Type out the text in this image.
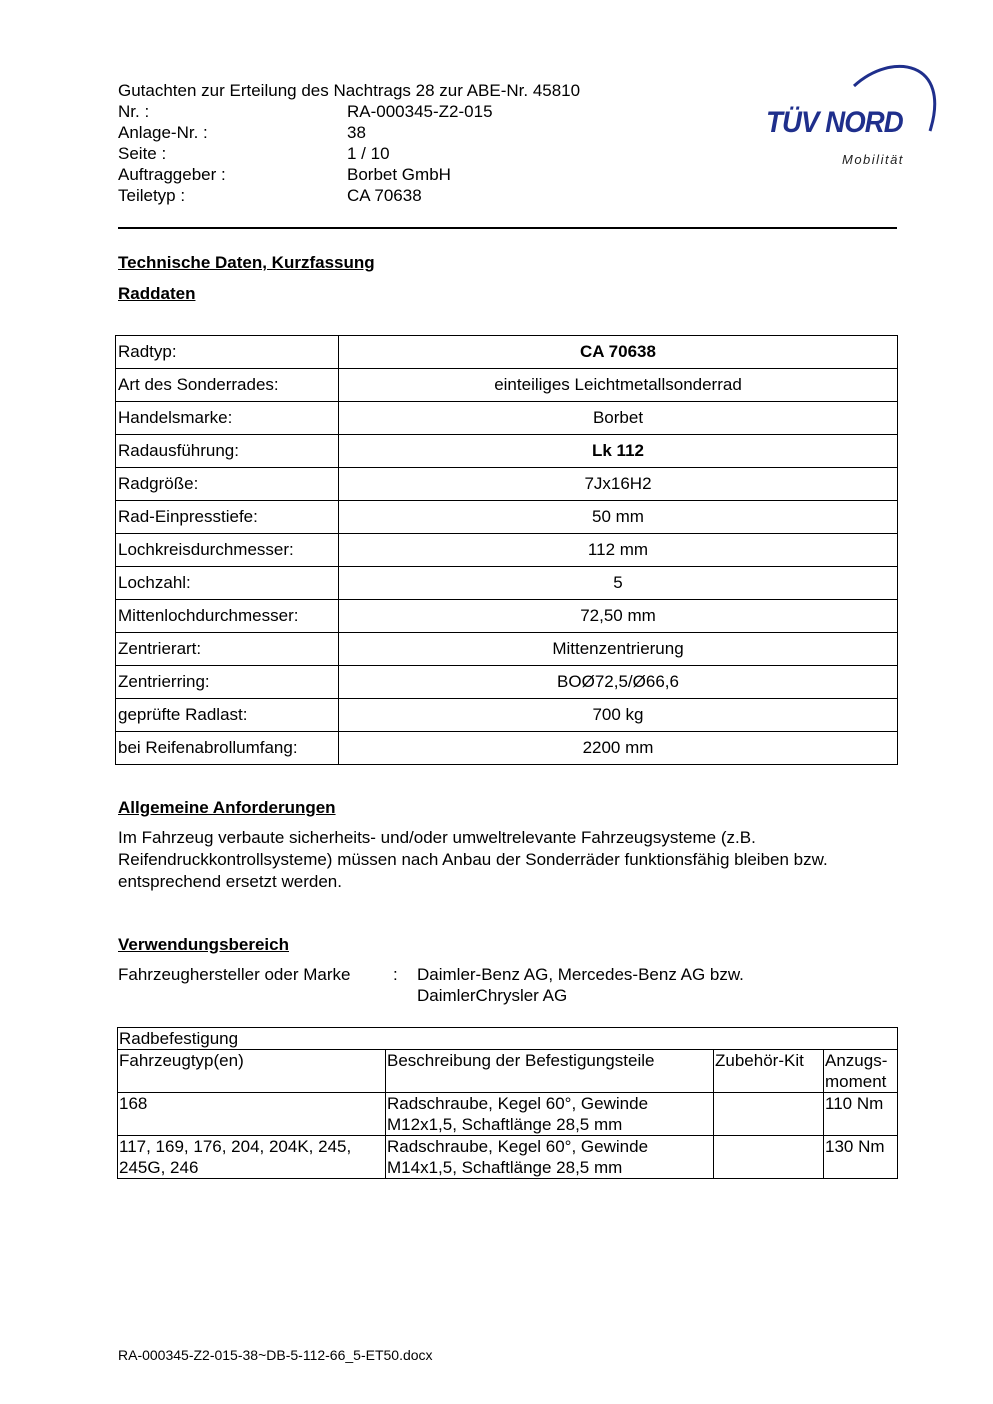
Gutachten zur Erteilung des Nachtrags 28 zur ABE-Nr. 45810
Nr. :	RA-000345-Z2-015
Anlage-Nr. :	38
Seite :	1 / 10
Auftraggeber :	Borbet GmbH
Teiletyp :	CA 70638
TÜV NORD
Mobilität
Technische Daten, Kurzfassung
Raddaten
Radtyp:	CA 70638
Art des Sonderrades:	einteiliges Leichtmetallsonderrad
Handelsmarke:	Borbet
Radausführung:	Lk 112
Radgröße:	7Jx16H2
Rad-Einpresstiefe:	50 mm
Lochkreisdurchmesser:	112 mm
Lochzahl:	5
Mittenlochdurchmesser:	72,50 mm
Zentrierart:	Mittenzentrierung
Zentrierring:	BOØ72,5/Ø66,6
geprüfte Radlast:	700 kg
bei Reifenabrollumfang:	2200 mm
Allgemeine Anforderungen
Im Fahrzeug verbaute sicherheits- und/oder umweltrelevante Fahrzeugsysteme (z.B. Reifendruckkontrollsysteme) müssen nach Anbau der Sonderräder funktionsfähig bleiben bzw. entsprechend ersetzt werden.
Verwendungsbereich
Fahrzeughersteller oder Marke	: Daimler-Benz AG, Mercedes-Benz AG bzw. DaimlerChrysler AG
Radbefestigung			
Fahrzeugtyp(en)	Beschreibung der Befestigungsteile	Zubehör-Kit	Anzugs-moment
168	Radschraube, Kegel 60°, Gewinde M12x1,5, Schaftlänge 28,5 mm		110 Nm
117, 169, 176, 204, 204K, 245, 245G, 246	Radschraube, Kegel 60°, Gewinde M14x1,5, Schaftlänge 28,5 mm		130 Nm
RA-000345-Z2-015-38~DB-5-112-66_5-ET50.docx
